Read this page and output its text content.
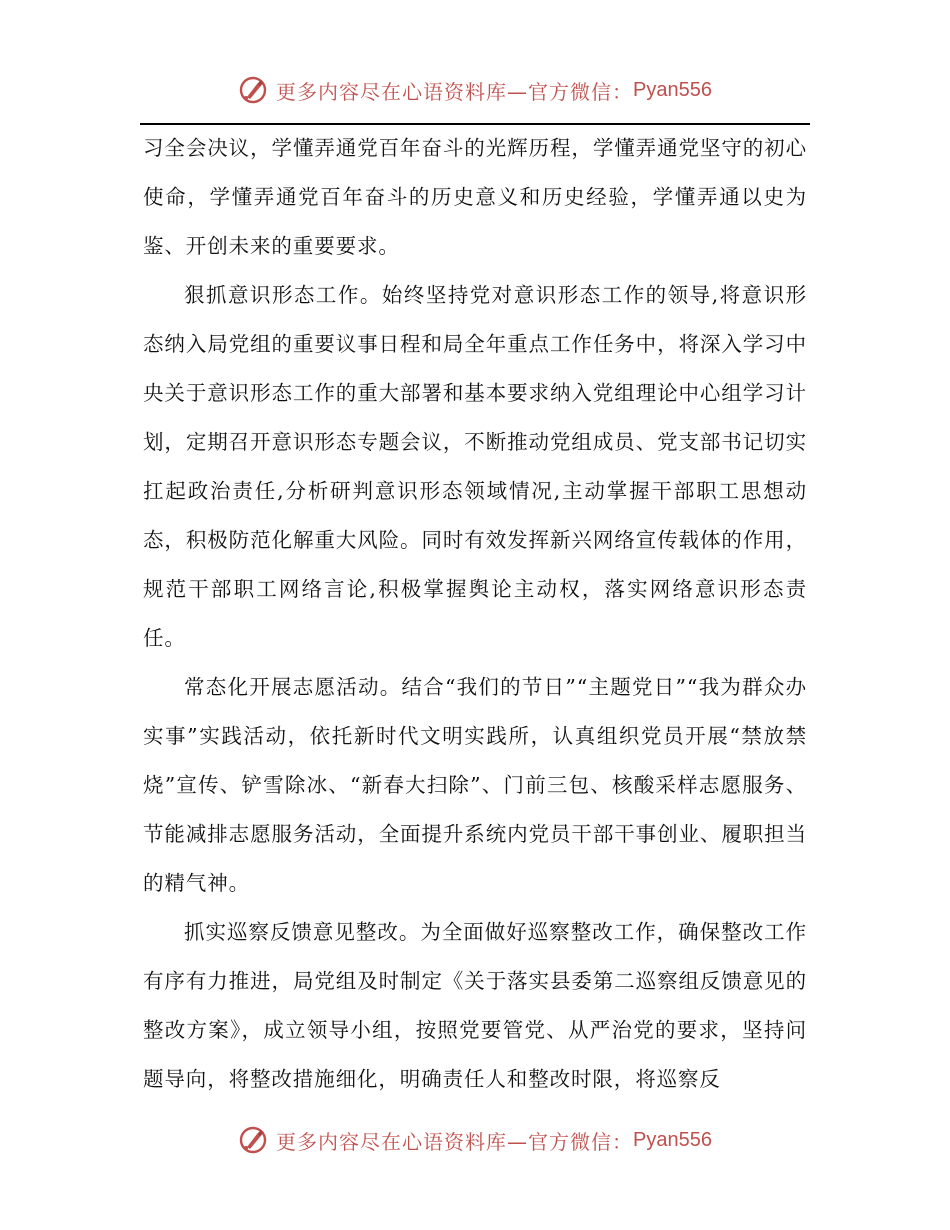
更多内容尽在心语资料库—官方微信： Pyan556

习全会决议，学懂弄通党百年奋斗的光辉历程，学懂弄通党坚守的初心使命，学懂弄通党百年奋斗的历史意义和历史经验，学懂弄通以史为鉴、开创未来的重要要求。

狠抓意识形态工作。始终坚持党对意识形态工作的领导,将意识形态纳入局党组的重要议事日程和局全年重点工作任务中，将深入学习中央关于意识形态工作的重大部署和基本要求纳入党组理论中心组学习计划，定期召开意识形态专题会议，不断推动党组成员、党支部书记切实扛起政治责任,分析研判意识形态领域情况,主动掌握干部职工思想动态，积极防范化解重大风险。同时有效发挥新兴网络宣传载体的作用，规范干部职工网络言论,积极掌握舆论主动权，落实网络意识形态责任。

常态化开展志愿活动。结合“我们的节日”“主题党日”“我为群众办实事”实践活动，依托新时代文明实践所，认真组织党员开展“禁放禁烧”宣传、铲雪除冰、“新春大扫除”、门前三包、核酸采样志愿服务、节能减排志愿服务活动，全面提升系统内党员干部干事创业、履职担当的精气神。

抓实巡察反馈意见整改。为全面做好巡察整改工作，确保整改工作有序有力推进，局党组及时制定《关于落实县委第二巡察组反馈意见的整改方案》，成立领导小组，按照党要管党、从严治党的要求，坚持问题导向，将整改措施细化，明确责任人和整改时限，将巡察反

更多内容尽在心语资料库—官方微信： Pyan556
